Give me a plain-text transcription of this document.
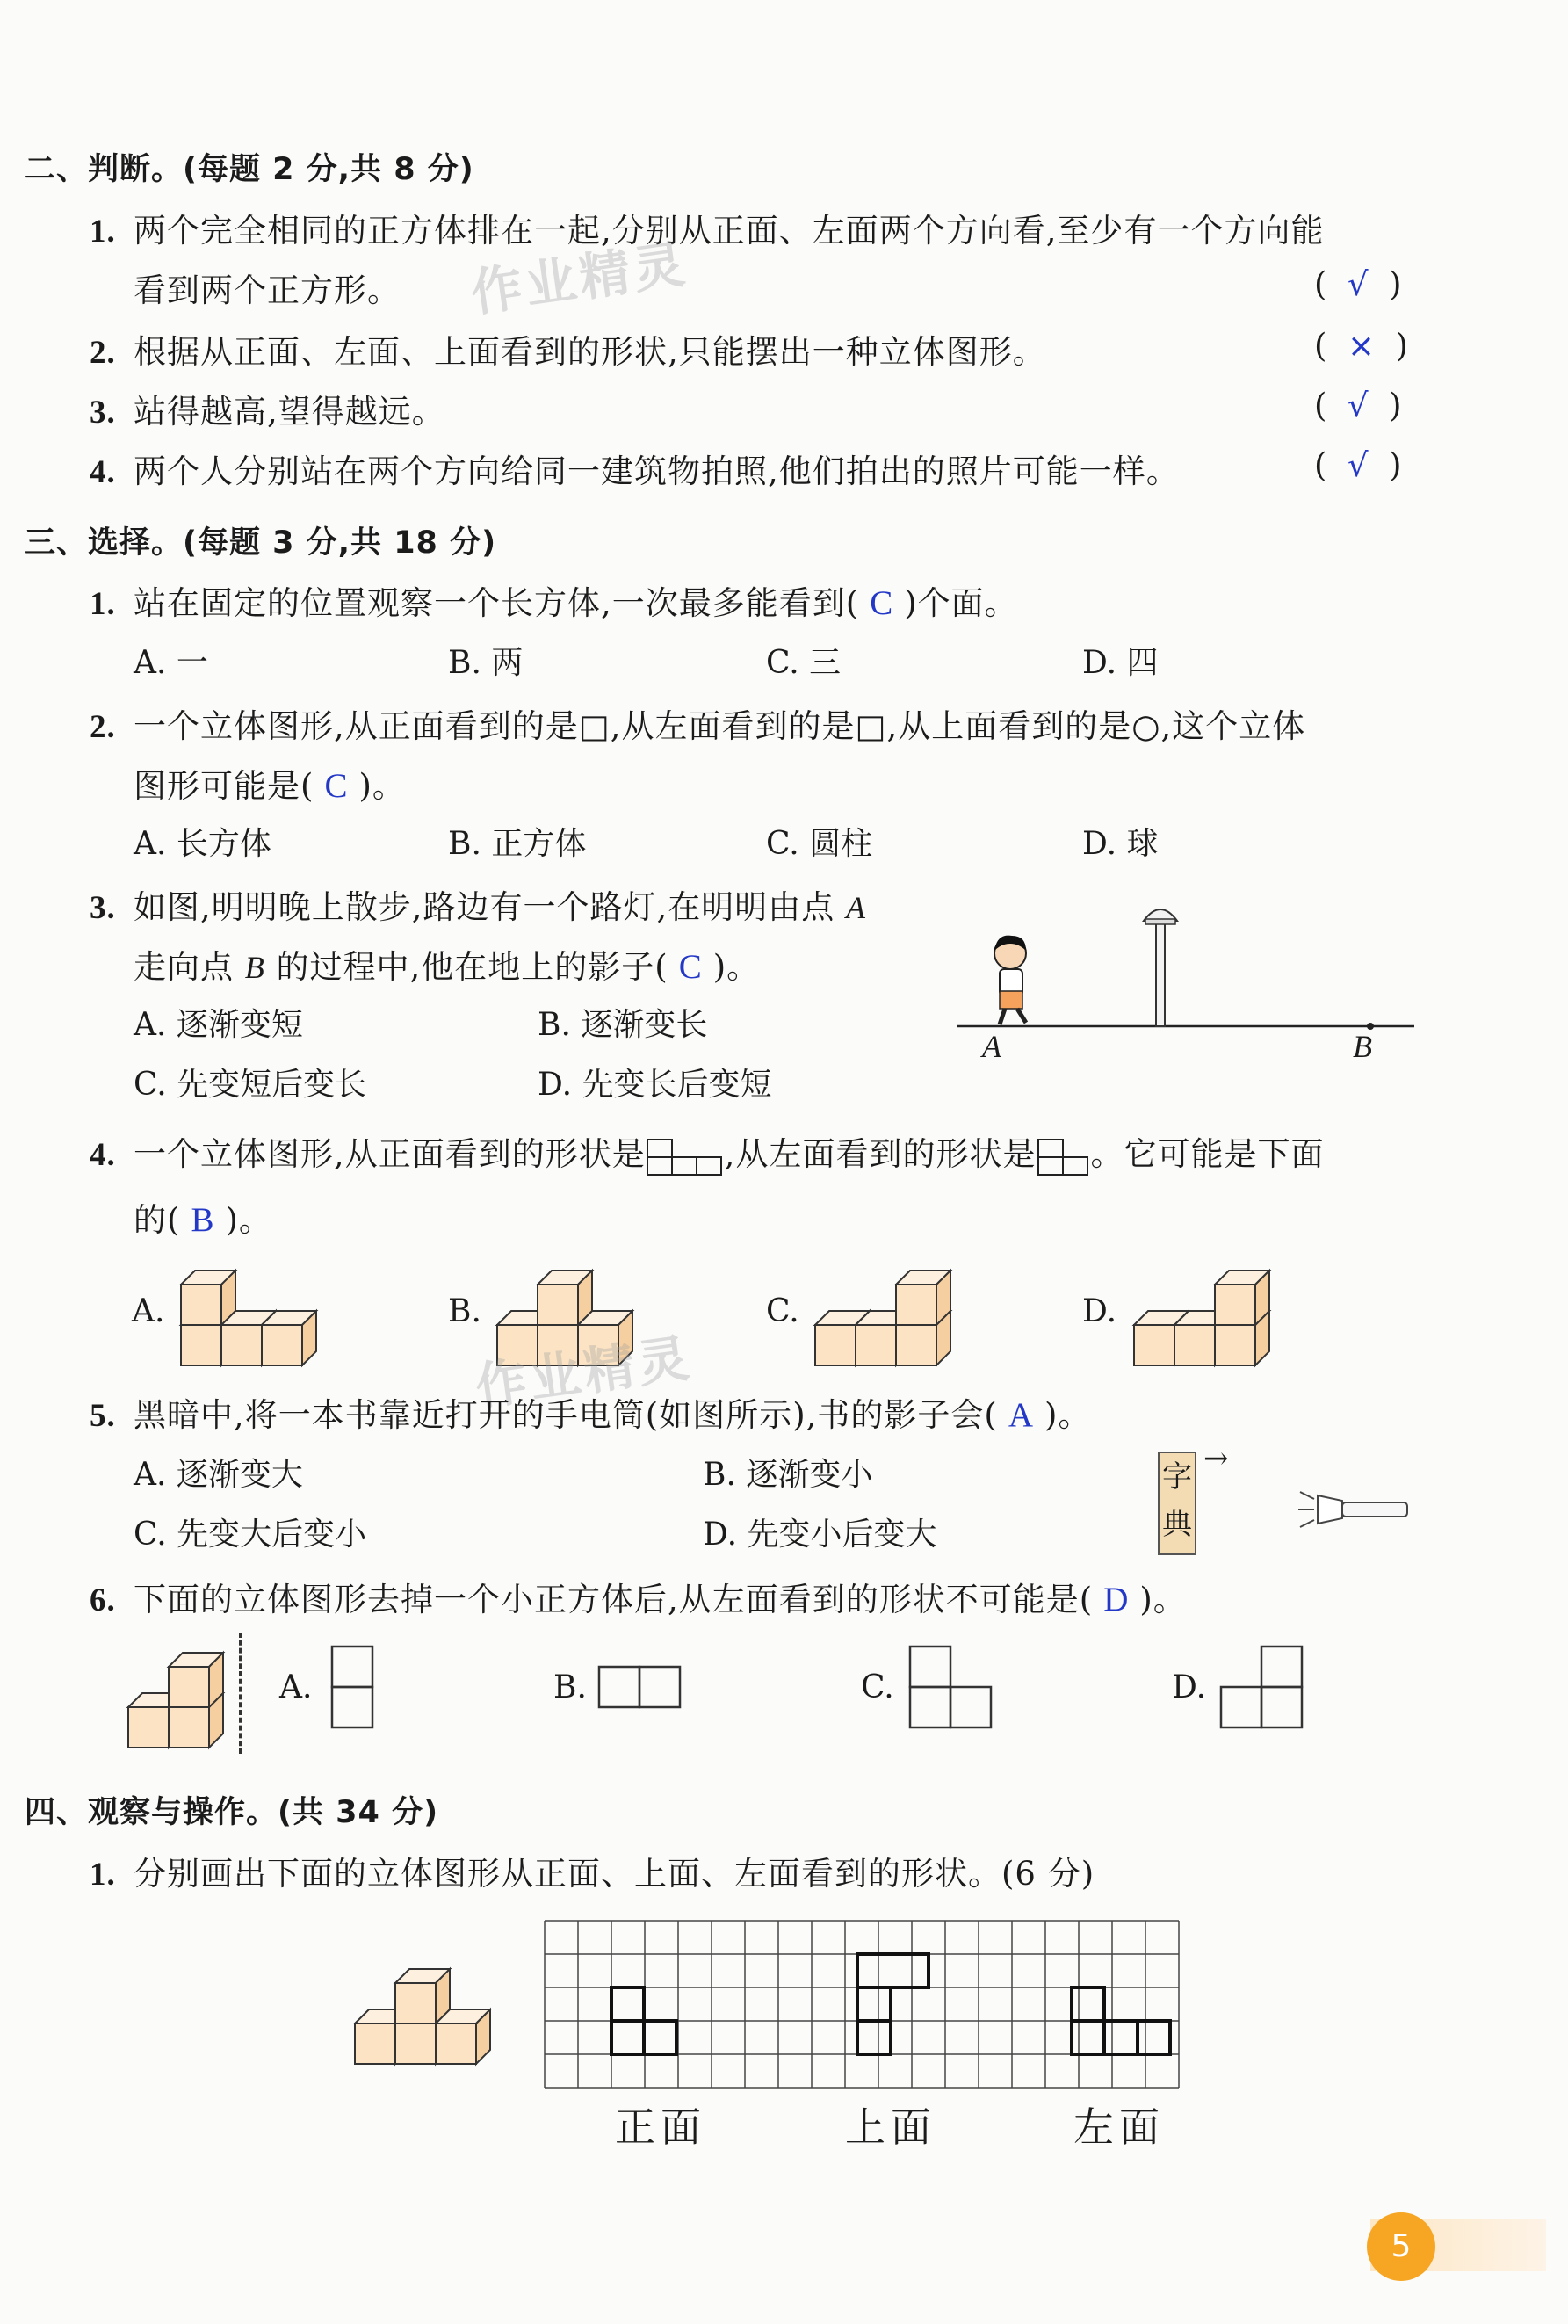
二、判断。(每题 2 分,共 8 分)
1. 两个完全相同的正方体排在一起,分别从正面、左面两个方向看,至少有一个方向能
看到两个正方形。	(  √  )
2. 根据从正面、左面、上面看到的形状,只能摆出一种立体图形。	(  ×  )
3. 站得越高,望得越远。	(  √  )
4. 两个人分别站在两个方向给同一建筑物拍照,他们拍出的照片可能一样。	(  √  )
作业精灵
三、选择。(每题 3 分,共 18 分)
1. 站在固定的位置观察一个长方体,一次最多能看到( C )个面。
A. 一	B. 两	C. 三	D. 四
2. 一个立体图形,从正面看到的是□,从左面看到的是□,从上面看到的是○,这个立体
图形可能是( C )。
A. 长方体	B. 正方体	C. 圆柱	D. 球
3. 如图,明明晚上散步,路边有一个路灯,在明明由点 A
走向点 B 的过程中,他在地上的影子( C )。
A. 逐渐变短	B. 逐渐变长
C. 先变短后变长	D. 先变长后变短
A	B
4. 一个立体图形,从正面看到的形状是 ,从左面看到的形状是 。它可能是下面
的( B )。
A.	B.	C.	D.
作业精灵
5. 黑暗中,将一本书靠近打开的手电筒(如图所示),书的影子会( A )。
A. 逐渐变大	B. 逐渐变小
C. 先变大后变小	D. 先变小后变大
字
典
→
6. 下面的立体图形去掉一个小正方体后,从左面看到的形状不可能是( D )。
A.	B.	C.	D.
四、观察与操作。(共 34 分)
1. 分别画出下面的立体图形从正面、上面、左面看到的形状。(6 分)
正面	上面	左面
5
